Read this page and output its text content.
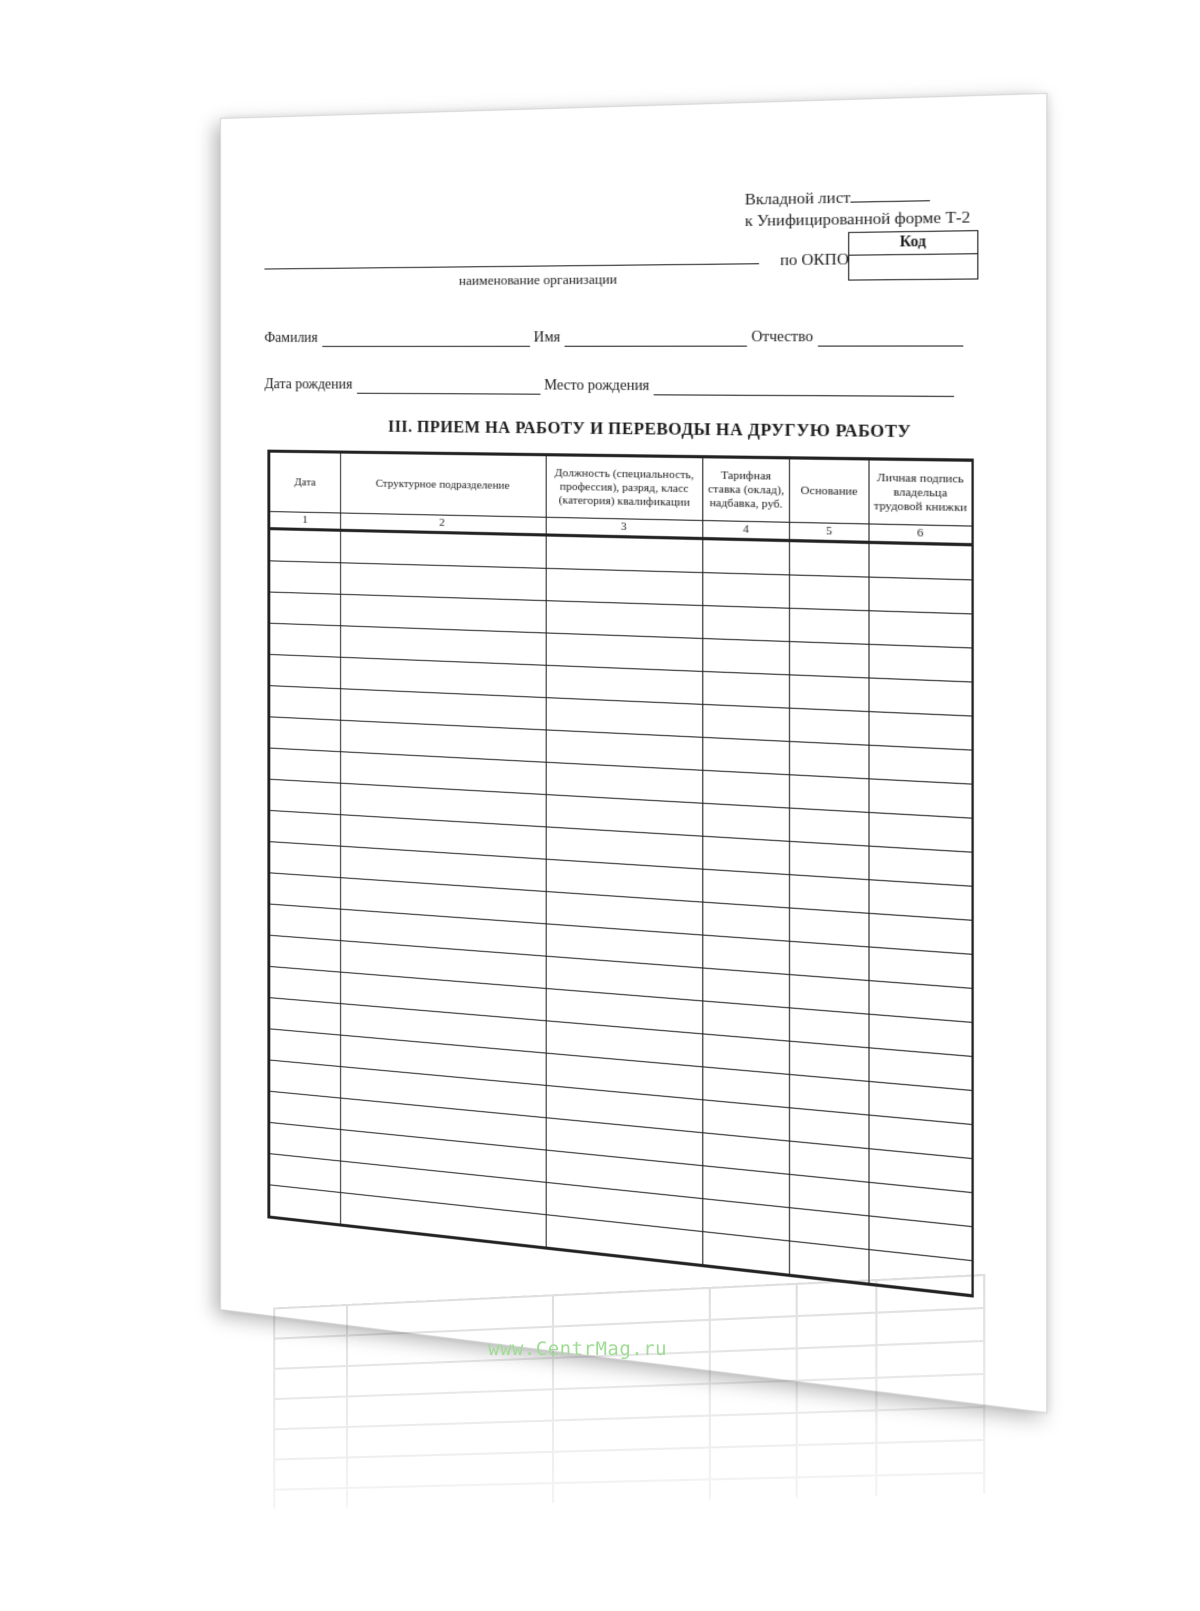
Вкладной лист
к Унифицированной форме Т-2
наименование организации
по ОКПО
Код
Фамилия	Имя	Отчество
Дата рождения	Место рождения
III. ПРИЕМ НА РАБОТУ И ПЕРЕВОДЫ НА ДРУГУЮ РАБОТУ
Дата	Структурное подразделение	Должность (специальность, профессия), разряд, класс (категория) квалификации	Тарифная ставка (оклад), надбавка, руб.	Основание	Личная подпись владельца трудовой книжки
1	2	3	4	5	6

www.CentrMag.ru
